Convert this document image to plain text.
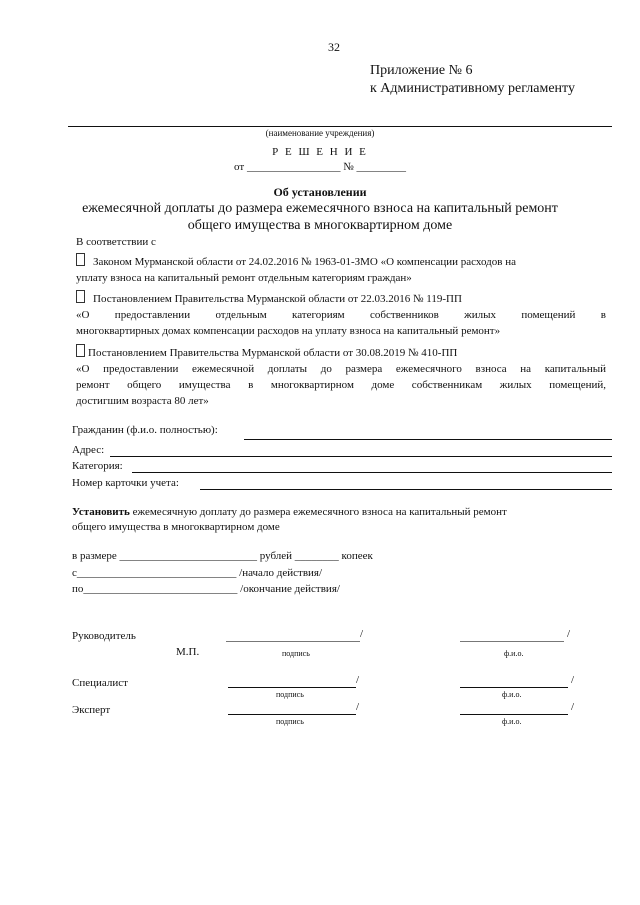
32
Приложение № 6
к Административному регламенту
(наименование учреждения)
Р Е Ш Е Н И Е
от _________________ № _________
Об установлении
ежемесячной доплаты до размера ежемесячного взноса на капитальный ремонт
общего имущества в многоквартирном доме
В соответствии с
Законом Мурманской области от 24.02.2016 № 1963-01-ЗМО «О компенсации расходов на
уплату взноса на капитальный ремонт отдельным категориям граждан»
Постановлением Правительства Мурманской области от 22.03.2016 № 119-ПП
«О предоставлении отдельным категориям собственников жилых помещений в
многоквартирных домах компенсации расходов на уплату взноса на капитальный ремонт»
Постановлением Правительства Мурманской области от 30.08.2019 № 410-ПП
«О предоставлении ежемесячной доплаты до размера ежемесячного взноса на капитальный
ремонт общего имущества в многоквартирном доме собственникам жилых помещений,
достигшим возраста 80 лет»
Гражданин (ф.и.о. полностью):
Адрес:
Категория:
Номер карточки учета:
Установить ежемесячную доплату до размера ежемесячного взноса на капитальный ремонт
общего имущества в многоквартирном доме
в размере _________________________ рублей ________ копеек
с_____________________________ /начало действия/
по____________________________ /окончание действия/
Руководитель	/	/
М.П.	подпись	ф.и.о.
Специалист	/	/
подпись	ф.и.о.
Эксперт	/	/
подпись	ф.и.о.
